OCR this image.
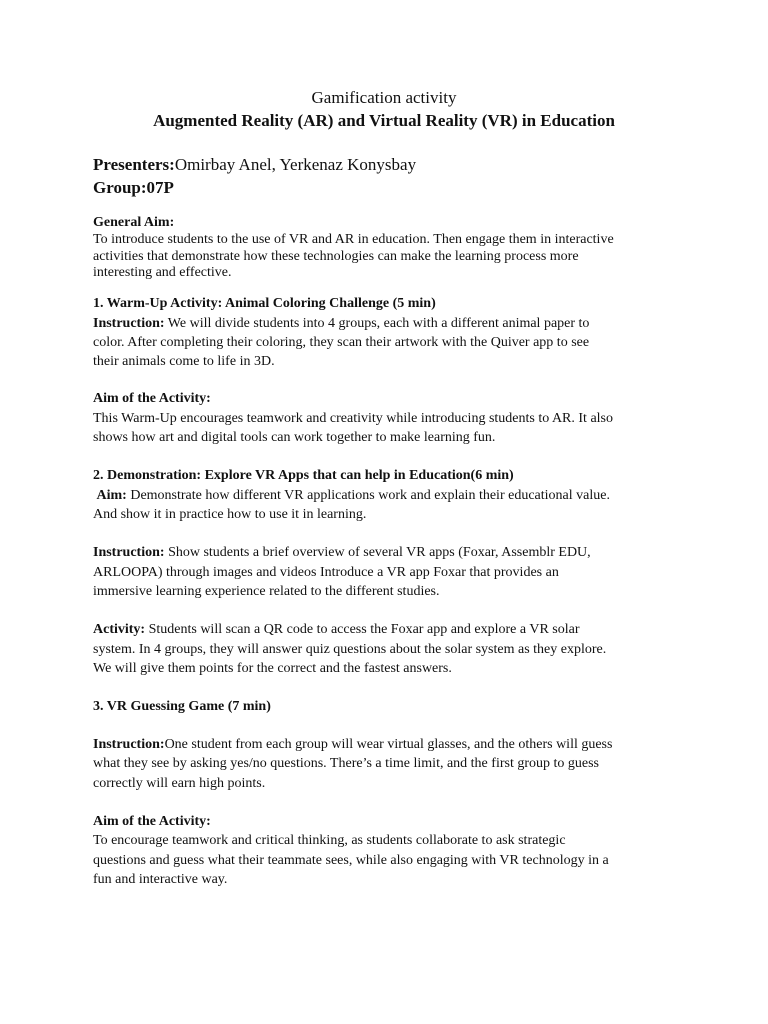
Gamification activity
Augmented Reality (AR) and Virtual Reality (VR) in Education
Presenters:Omirbay Anel, Yerkenaz Konysbay
Group:07P
General Aim:
To introduce students to the use of VR and AR in education. Then engage them in interactive
activities that demonstrate how these technologies can make the learning process more
interesting and effective.
1. Warm-Up Activity: Animal Coloring Challenge (5 min)
Instruction: We will divide students into 4 groups, each with a different animal paper to
color. After completing their coloring, they scan their artwork with the Quiver app to see
their animals come to life in 3D.
Aim of the Activity:
This Warm-Up encourages teamwork and creativity while introducing students to AR. It also
shows how art and digital tools can work together to make learning fun.
2. Demonstration: Explore VR Apps that can help in Education(6 min)
Aim: Demonstrate how different VR applications work and explain their educational value.
And show it in practice how to use it in learning.
Instruction: Show students a brief overview of several VR apps (Foxar, Assemblr EDU,
ARLOOPA) through images and videos Introduce a VR app Foxar that provides an
immersive learning experience related to the different studies.
Activity: Students will scan a QR code to access the Foxar app and explore a VR solar
system. In 4 groups, they will answer quiz questions about the solar system as they explore.
We will give them points for the correct and the fastest answers.
3. VR Guessing Game (7 min)
Instruction:One student from each group will wear virtual glasses, and the others will guess
what they see by asking yes/no questions. There’s a time limit, and the first group to guess
correctly will earn high points.
Aim of the Activity:
To encourage teamwork and critical thinking, as students collaborate to ask strategic
questions and guess what their teammate sees, while also engaging with VR technology in a
fun and interactive way.
